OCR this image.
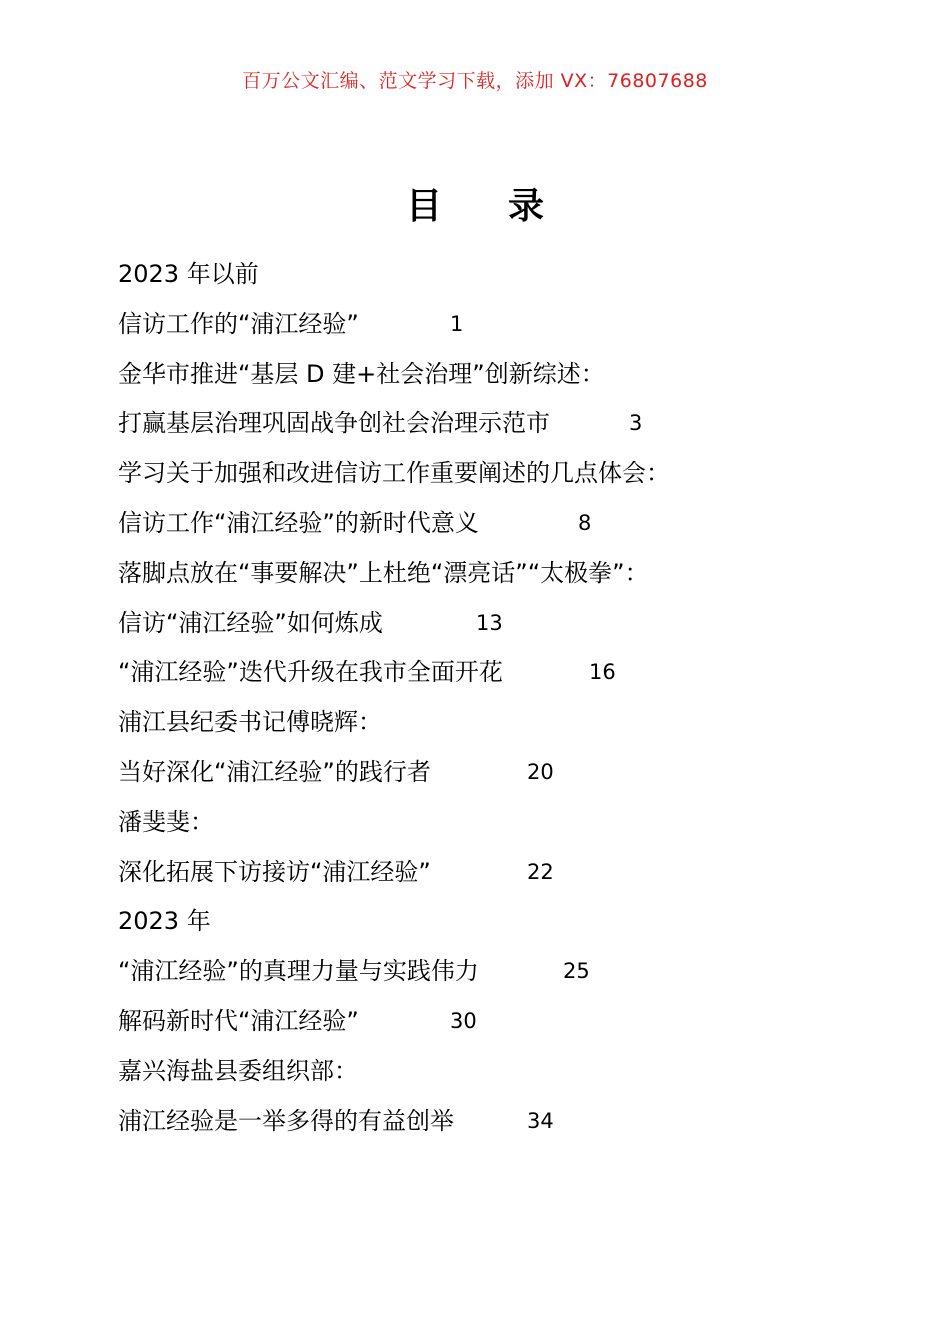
百万公文汇编、范文学习下载，添加 VX：76807688
目 录
2023 年以前
信访工作的“浦江经验”	1
金华市推进“基层 D 建+社会治理”创新综述：
打赢基层治理巩固战争创社会治理示范市	3
学习关于加强和改进信访工作重要阐述的几点体会：
信访工作“浦江经验”的新时代意义	8
落脚点放在“事要解决”上杜绝“漂亮话”“太极拳”：
信访“浦江经验”如何炼成	13
“浦江经验”迭代升级在我市全面开花	16
浦江县纪委书记傅晓辉：
当好深化“浦江经验”的践行者	20
潘斐斐：
深化拓展下访接访“浦江经验”	22
2023 年
“浦江经验”的真理力量与实践伟力	25
解码新时代“浦江经验”	30
嘉兴海盐县委组织部：
浦江经验是一举多得的有益创举	34
